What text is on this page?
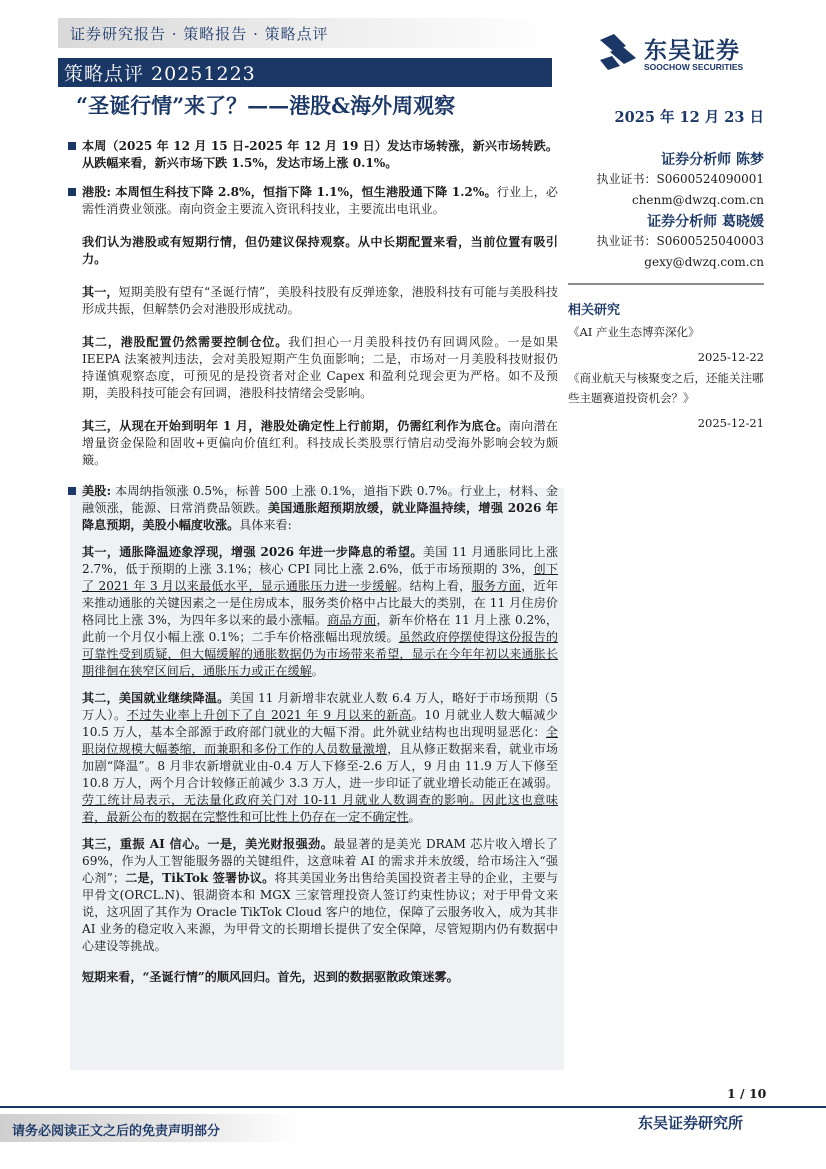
证券研究报告 · 策略报告 · 策略点评
策略点评 20251223
东吴证券
SOOCHOW SECURITIES
“圣诞行情”来了？——港股&海外周观察
本周（2025 年 12 月 15 日-2025 年 12 月 19 日）发达市场转涨，新兴市场转跌。从跌幅来看，新兴市场下跌 1.5%，发达市场上涨 0.1%。
港股: 本周恒生科技下降 2.8%，恒指下降 1.1%，恒生港股通下降 1.2%。行业上，必需性消费业领涨。南向资金主要流入资讯科技业，主要流出电讯业。
我们认为港股或有短期行情，但仍建议保持观察。从中长期配置来看，当前位置有吸引力。
其一，短期美股有望有“圣诞行情”，美股科技股有反弹迹象，港股科技有可能与美股科技形成共振，但解禁仍会对港股形成扰动。
其二，港股配置仍然需要控制仓位。我们担心一月美股科技仍有回调风险。一是如果 IEEPA 法案被判违法，会对美股短期产生负面影响；二是，市场对一月美股科技财报仍持谨慎观察态度，可预见的是投资者对企业 Capex 和盈利兑现会更为严格。如不及预期，美股科技可能会有回调，港股科技情绪会受影响。
其三，从现在开始到明年 1 月，港股处确定性上行前期，仍需红利作为底仓。南向潜在增量资金保险和固收+更偏向价值红利。科技成长类股票行情启动受海外影响会较为颇簸。
美股: 本周纳指领涨 0.5%，标普 500 上涨 0.1%，道指下跌 0.7%。行业上，材料、金融领涨，能源、日常消费品领跌。美国通胀超预期放缓，就业降温持续，增强 2026 年降息预期，美股小幅度收涨。具体来看:
其一，通胀降温迹象浮现，增强 2026 年进一步降息的希望。美国 11 月通胀同比上涨 2.7%，低于预期的上涨 3.1%；核心 CPI 同比上涨 2.6%，低于市场预期的 3%，创下了 2021 年 3 月以来最低水平，显示通胀压力进一步缓解。结构上看，服务方面，近年来推动通胀的关键因素之一是住房成本，服务类价格中占比最大的类别，在 11 月住房价格同比上涨 3%，为四年多以来的最小涨幅。商品方面，新车价格在 11 月上涨 0.2%，此前一个月仅小幅上涨 0.1%；二手车价格涨幅出现放缓。虽然政府停摆使得这份报告的可靠性受到质疑，但大幅缓解的通胀数据仍为市场带来希望，显示在今年年初以来通胀长期徘徊在狭窄区间后，通胀压力或正在缓解。
其二，美国就业继续降温。美国 11 月新增非农就业人数 6.4 万人，略好于市场预期（5 万人）。不过失业率上升创下了自 2021 年 9 月以来的新高。10 月就业人数大幅减少 10.5 万人，基本全部源于政府部门就业的大幅下滑。此外就业结构也出现明显恶化：全职岗位规模大幅萎缩，而兼职和多份工作的人员数量激增，且从修正数据来看，就业市场加剧“降温”。8 月非农新增就业由-0.4 万人下修至-2.6 万人，9 月由 11.9 万人下修至 10.8 万人，两个月合计较修正前减少 3.3 万人，进一步印证了就业增长动能正在减弱。劳工统计局表示，无法量化政府关门对 10-11 月就业人数调查的影响。因此这也意味着，最新公布的数据在完整性和可比性上仍存在一定不确定性。
其三，重振 AI 信心。一是，美光财报强劲。最显著的是美光 DRAM 芯片收入增长了 69%，作为人工智能服务器的关键组件，这意味着 AI 的需求并未放缓，给市场注入“强心剂”；二是，TikTok 签署协议。将其美国业务出售给美国投资者主导的企业，主要与甲骨文(ORCL.N)、银湖资本和 MGX 三家管理投资人签订约束性协议；对于甲骨文来说，这巩固了其作为 Oracle TikTok Cloud 客户的地位，保障了云服务收入，成为其非 AI 业务的稳定收入来源，为甲骨文的长期增长提供了安全保障，尽管短期内仍有数据中心建设等挑战。
短期来看，“圣诞行情”的顺风回归。首先，迟到的数据驱散政策迷雾。
2025 年 12 月 23 日
证券分析师 陈梦
执业证书：S0600524090001
chenm@dwzq.com.cn
证券分析师 葛晓媛
执业证书：S0600525040003
gexy@dwzq.com.cn
相关研究
《AI 产业生态博弈深化》
2025-12-22
《商业航天与核聚变之后，还能关注哪些主题赛道投资机会？》
2025-12-21
1 / 10
请务必阅读正文之后的免责声明部分	东吴证券研究所
